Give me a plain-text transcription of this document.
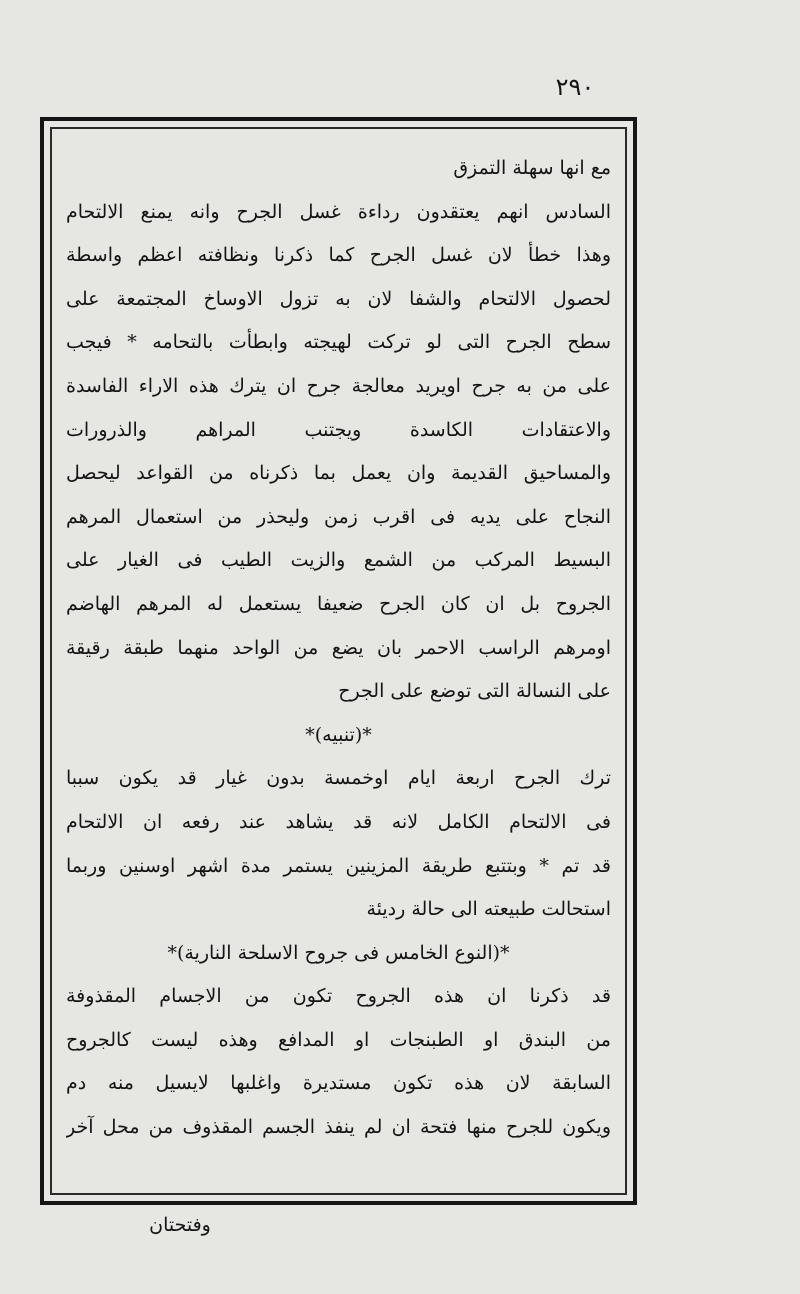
٢٩٠
مع انها سهلة التمزق
السادس انهم يعتقدون رداءة غسل الجرح وانه يمنع الالتحام
وهذا خطأ لان غسل الجرح كما ذكرنا ونظافته اعظم واسطة
لحصول الالتحام والشفا لان به تزول الاوساخ المجتمعة على
سطح الجرح التى لو تركت لهيجته وابطأت بالتحامه * فيجب
على من به جرح اويريد معالجة جرح ان يترك هذه الاراء الفاسدة
والاعتقادات الكاسدة ويجتنب المراهم والذرورات
والمساحيق القديمة وان يعمل بما ذكرناه من القواعد ليحصل
النجاح على يديه فى اقرب زمن وليحذر من استعمال المرهم
البسيط المركب من الشمع والزيت الطيب فى الغيار على
الجروح بل ان كان الجرح ضعيفا يستعمل له المرهم الهاضم
اومرهم الراسب الاحمر بان يضع من الواحد منهما طبقة رقيقة
على النسالة التى توضع على الجرح
*(تنبيه)*
ترك الجرح اربعة ايام اوخمسة بدون غيار قد يكون سببا
فى الالتحام الكامل لانه قد يشاهد عند رفعه ان الالتحام
قد تم * وبتتبع طريقة المزينين يستمر مدة اشهر اوسنين وربما
استحالت طبيعته الى حالة رديئة
*(النوع الخامس فى جروح الاسلحة النارية)*
قد ذكرنا ان هذه الجروح تكون من الاجسام المقذوفة
من البندق او الطبنجات او المدافع وهذه ليست كالجروح
السابقة لان هذه تكون مستديرة واغلبها لايسيل منه دم
ويكون للجرح منها فتحة ان لم ينفذ الجسم المقذوف من محل آخر
وفتحتان
